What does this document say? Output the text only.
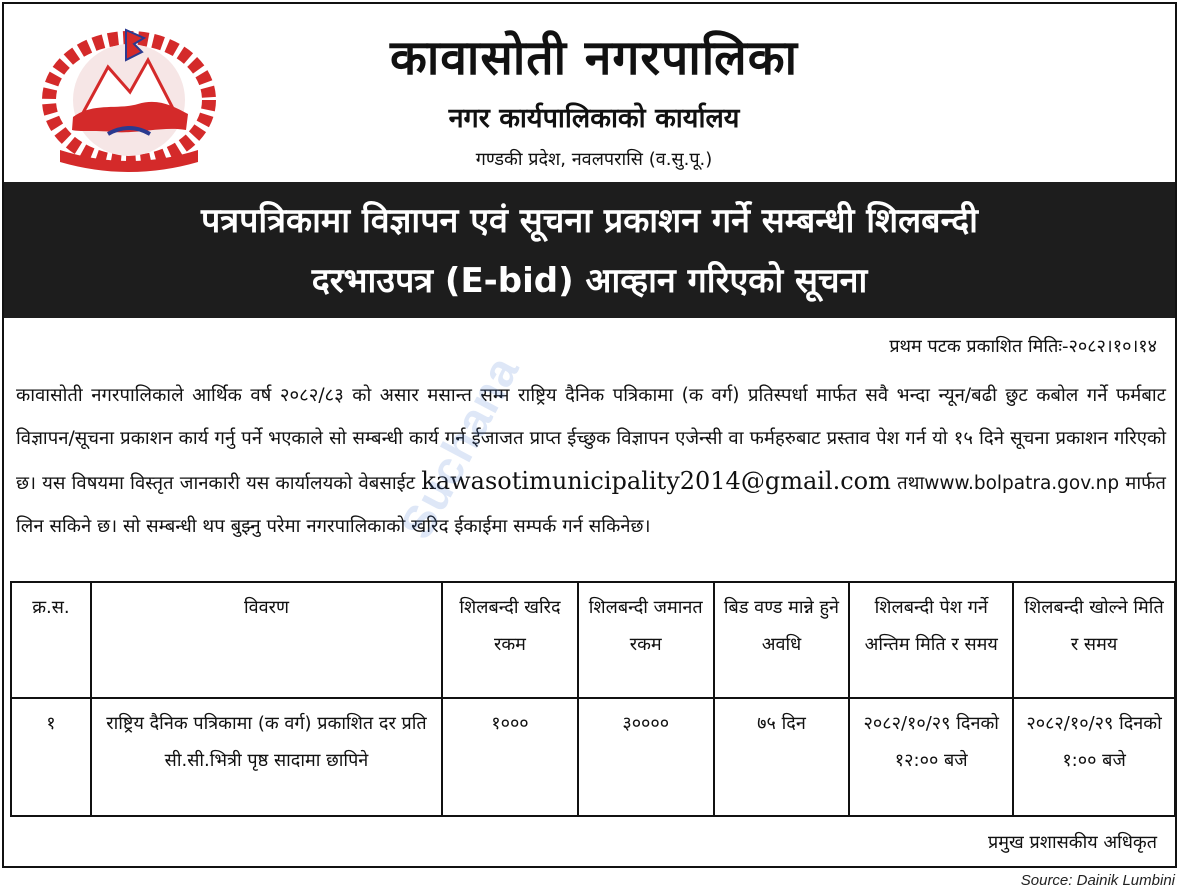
कावासोती नगरपालिका
नगर कार्यपालिकाको कार्यालय
गण्डकी प्रदेश, नवलपरासि (व.सु.पू.)
पत्रपत्रिकामा विज्ञापन एवं सूचना प्रकाशन गर्ने सम्बन्धी शिलबन्दी
दरभाउपत्र (E-bid) आव्हान गरिएको सूचना
प्रथम पटक प्रकाशित मितिः-२०८२।१०।१४
कावासोती नगरपालिकाले आर्थिक वर्ष २०८२/८३ को असार मसान्त सम्म राष्ट्रिय दैनिक पत्रिकामा (क वर्ग) प्रतिस्पर्धा मार्फत सवै भन्दा न्यून/बढी छुट कबोल गर्ने फर्मबाट विज्ञापन/सूचना प्रकाशन कार्य गर्नु पर्ने भएकाले सो सम्बन्धी कार्य गर्न ईजाजत प्राप्त ईच्छुक विज्ञापन एजेन्सी वा फर्महरुबाट प्रस्ताव पेश गर्न यो १५ दिने सूचना प्रकाशन गरिएको छ। यस विषयमा विस्तृत जानकारी यस कार्यालयको वेबसाईट kawasotimunicipality2014@gmail.com तथाwww.bolpatra.gov.np मार्फत लिन सकिने छ। सो सम्बन्धी थप बुझ्नु परेमा नगरपालिकाको खरिद ईकाईमा सम्पर्क गर्न सकिनेछ।
क्र.स.	विवरण	शिलबन्दी खरिद रकम	शिलबन्दी जमानत रकम	बिड वण्ड मान्ने हुने अवधि	शिलबन्दी पेश गर्ने अन्तिम मिति र समय	शिलबन्दी खोल्ने मिति र समय
१	राष्ट्रिय दैनिक पत्रिकामा (क वर्ग) प्रकाशित दर प्रति सी.सी.भित्री पृष्ठ सादामा छापिने	१०००	३००००	७५ दिन	२०८२/१०/२९ दिनको १२:०० बजे	२०८२/१०/२९ दिनको १:०० बजे
प्रमुख प्रशासकीय अधिकृत
Suchana
Source: Dainik Lumbini
